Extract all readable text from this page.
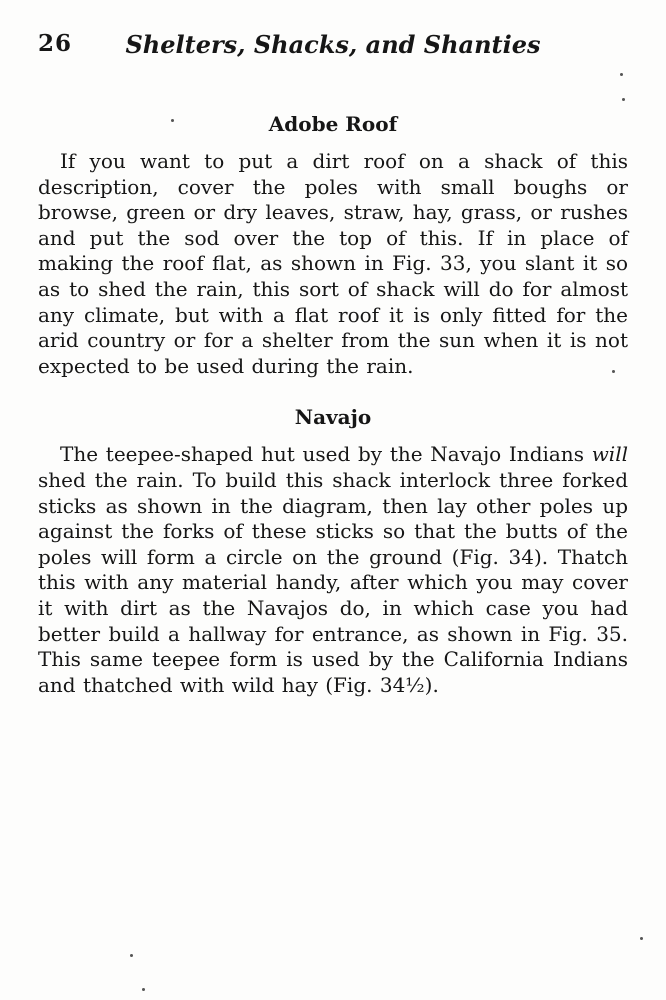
26	Shelters, Shacks, and Shanties
Adobe Roof

If you want to put a dirt roof on a shack of this description, cover the poles with small boughs or browse, green or dry leaves, straw, hay, grass, or rushes and put the sod over the top of this. If in place of making the roof flat, as shown in Fig. 33, you slant it so as to shed the rain, this sort of shack will do for almost any climate, but with a flat roof it is only fitted for the arid country or for a shelter from the sun when it is not expected to be used during the rain.

Navajo

The teepee-shaped hut used by the Navajo Indians will shed the rain. To build this shack interlock three forked sticks as shown in the diagram, then lay other poles up against the forks of these sticks so that the butts of the poles will form a circle on the ground (Fig. 34). Thatch this with any material handy, after which you may cover it with dirt as the Navajos do, in which case you had better build a hallway for entrance, as shown in Fig. 35. This same teepee form is used by the California Indians and thatched with wild hay (Fig. 34½).
